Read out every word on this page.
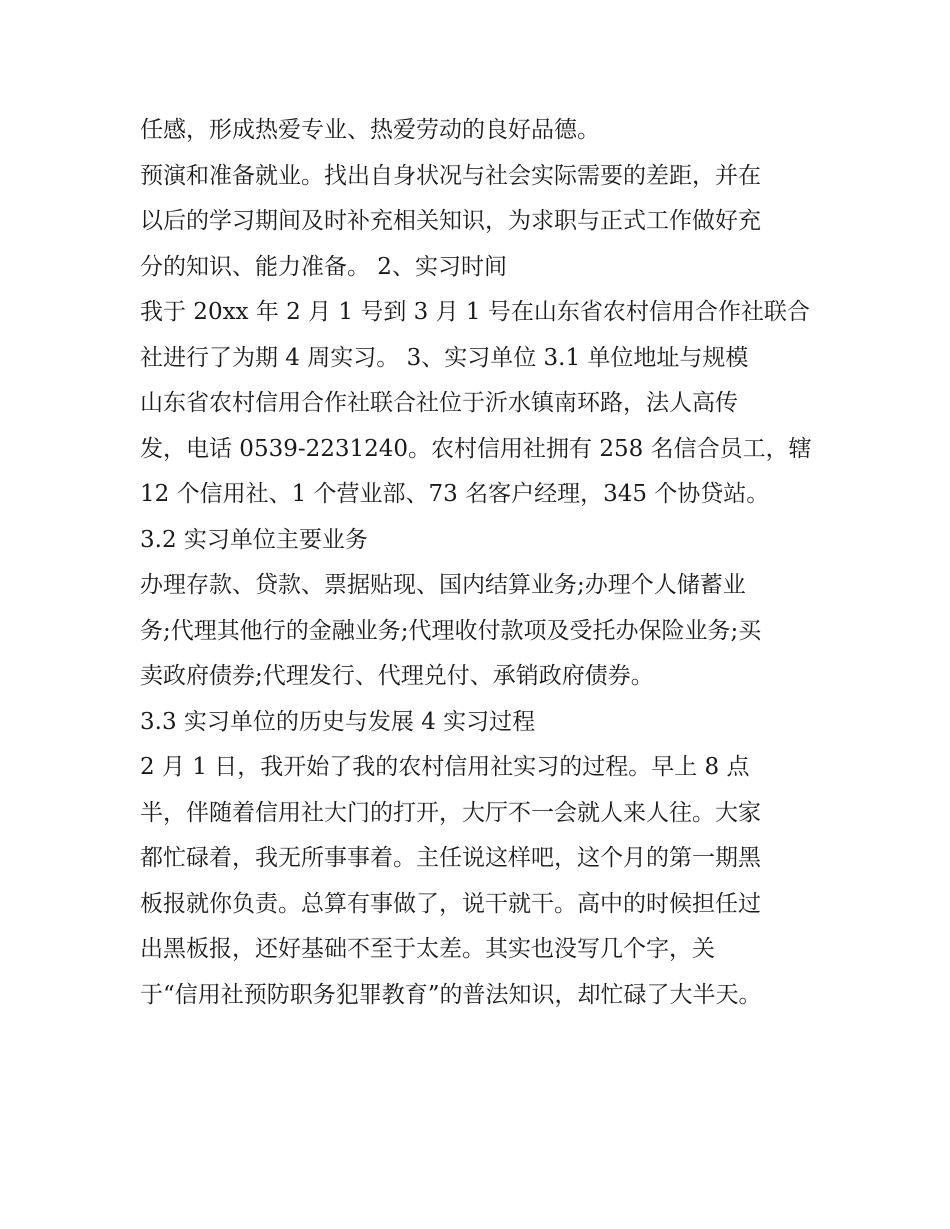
任感，形成热爱专业、热爱劳动的良好品德。
预演和准备就业。找出自身状况与社会实际需要的差距，并在
以后的学习期间及时补充相关知识，为求职与正式工作做好充
分的知识、能力准备。 2、实习时间
我于 20xx 年 2 月 1 号到 3 月 1 号在山东省农村信用合作社联合
社进行了为期 4 周实习。 3、实习单位 3.1 单位地址与规模
山东省农村信用合作社联合社位于沂水镇南环路，法人高传
发，电话 0539-2231240。农村信用社拥有 258 名信合员工，辖
12 个信用社、1 个营业部、73 名客户经理，345 个协贷站。
3.2 实习单位主要业务
办理存款、贷款、票据贴现、国内结算业务;办理个人储蓄业
务;代理其他行的金融业务;代理收付款项及受托办保险业务;买
卖政府债券;代理发行、代理兑付、承销政府债券。
3.3 实习单位的历史与发展 4 实习过程
2 月 1 日，我开始了我的农村信用社实习的过程。早上 8 点
半，伴随着信用社大门的打开，大厅不一会就人来人往。大家
都忙碌着，我无所事事着。主任说这样吧，这个月的第一期黑
板报就你负责。总算有事做了，说干就干。高中的时候担任过
出黑板报，还好基础不至于太差。其实也没写几个字，关
于“信用社预防职务犯罪教育”的普法知识，却忙碌了大半天。
